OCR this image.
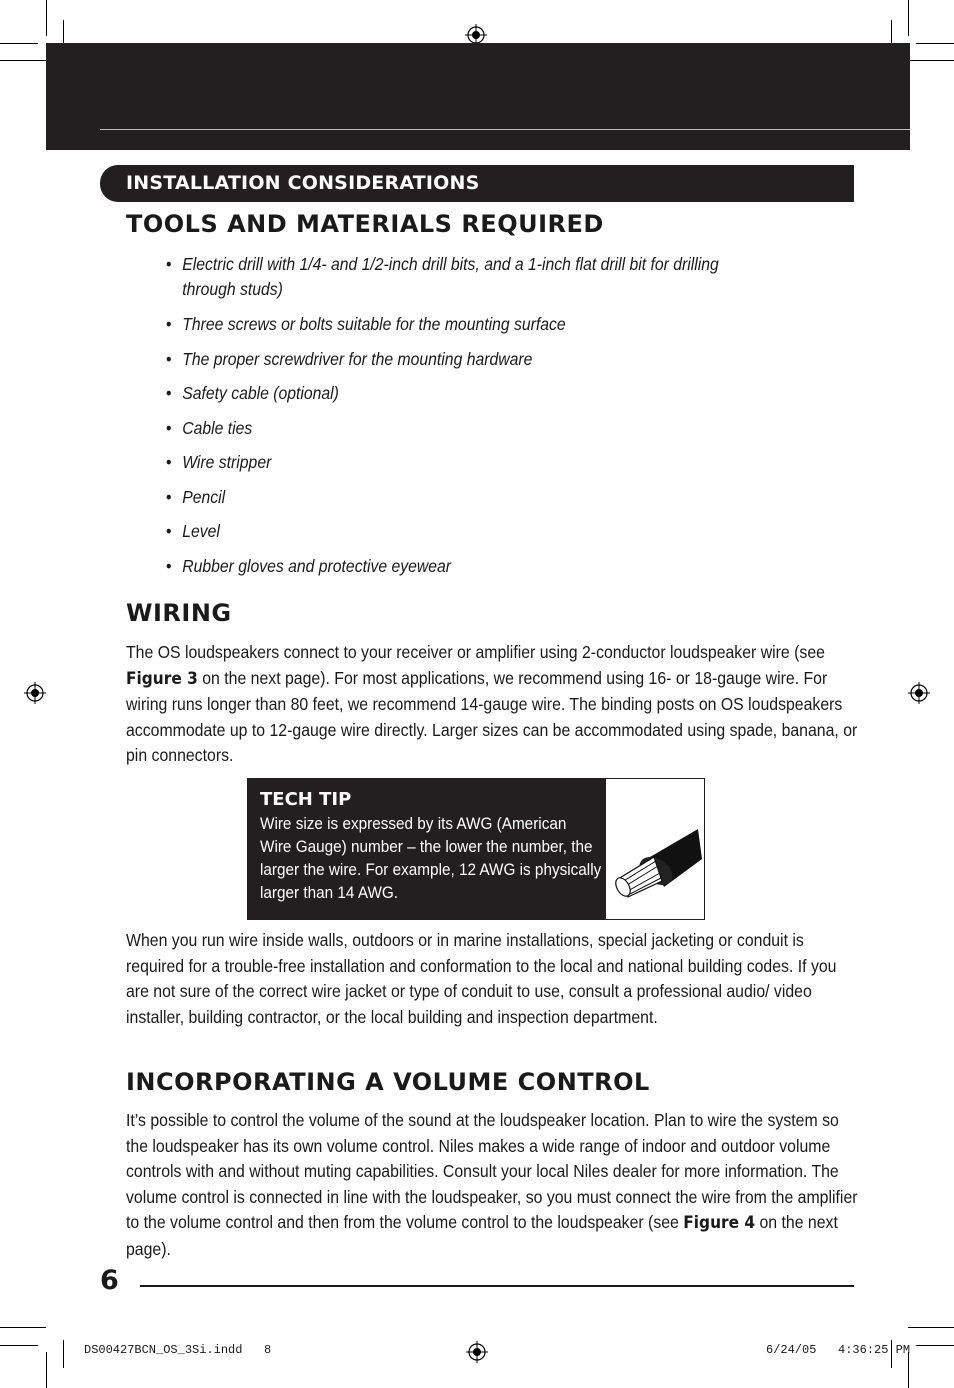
INSTALLATION CONSIDERATIONS
TOOLS AND MATERIALS REQUIRED
• Electric drill with 1/4- and 1/2-inch drill bits, and a 1-inch flat drill bit for drilling
through studs)
• Three screws or bolts suitable for the mounting surface
• The proper screwdriver for the mounting hardware
• Safety cable (optional)
• Cable ties
• Wire stripper
• Pencil
• Level
• Rubber gloves and protective eyewear
WIRING

The OS loudspeakers connect to your receiver or amplifier using 2-conductor loudspeaker wire (see Figure 3 on the next page). For most applications, we recommend using 16- or 18-gauge wire. For wiring runs longer than 80 feet, we recommend 14-gauge wire. The binding posts on OS loudspeakers accommodate up to 12-gauge wire directly. Larger sizes can be accommodated using spade, banana, or pin connectors.

TECH TIP

Wire size is expressed by its AWG (American Wire Gauge) number – the lower the number, the larger the wire. For example, 12 AWG is physically larger than 14 AWG.

When you run wire inside walls, outdoors or in marine installations, special jacketing or conduit is required for a trouble-free installation and conformation to the local and national building codes. If you are not sure of the correct wire jacket or type of conduit to use, consult a professional audio/ video installer, building contractor, or the local building and inspection department.

INCORPORATING A VOLUME CONTROL

It’s possible to control the volume of the sound at the loudspeaker location. Plan to wire the system so the loudspeaker has its own volume control. Niles makes a wide range of indoor and outdoor volume controls with and without muting capabilities. Consult your local Niles dealer for more information. The volume control is connected in line with the loudspeaker, so you must connect the wire from the amplifier to the volume control and then from the volume control to the loudspeaker (see Figure 4 on the next page).

6
DS00427BCN_OS_3Si.indd   8	6/24/05   4:36:25 PM
